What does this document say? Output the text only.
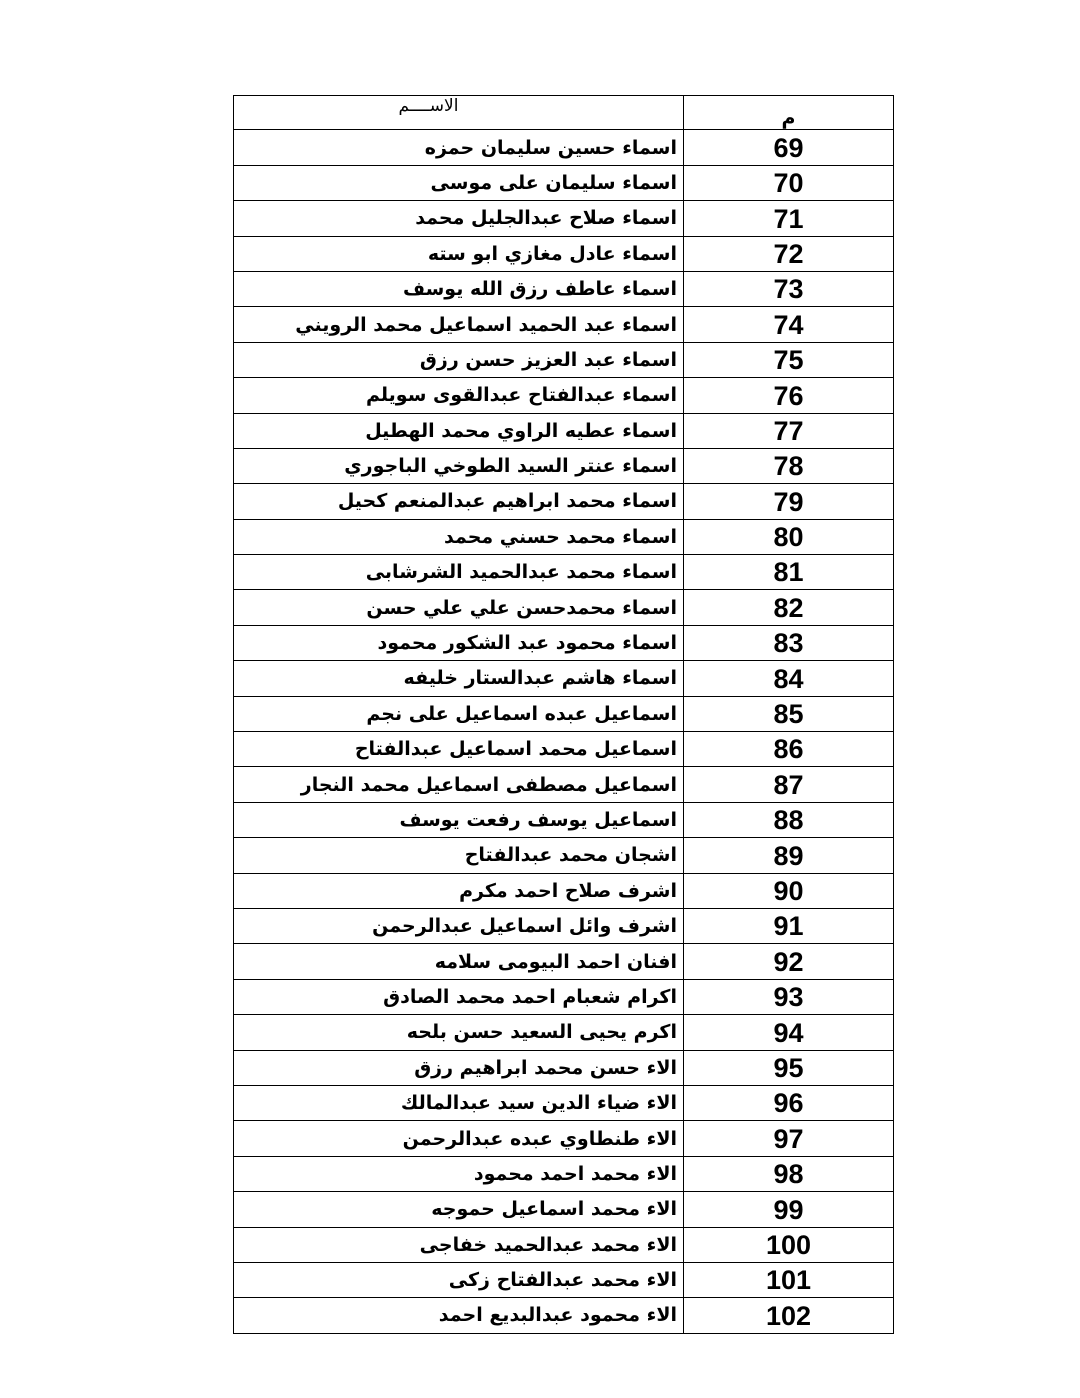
الاســــم	م
اسماء حسين سليمان حمزه	69
اسماء سليمان على موسى	70
اسماء صلاح عبدالجليل محمد	71
اسماء عادل مغازي ابو سته	72
اسماء عاطف رزق الله يوسف	73
اسماء عبد الحميد اسماعيل محمد الرويني	74
اسماء عبد العزيز حسن رزق	75
اسماء عبدالفتاح عبدالقوى سويلم	76
اسماء عطيه الراوي محمد الهطيل	77
اسماء عنتر السيد الطوخي الباجوري	78
اسماء محمد ابراهيم عبدالمنعم كحيل	79
اسماء محمد حسني محمد	80
اسماء محمد عبدالحميد الشرشابى	81
اسماء محمدحسن علي علي حسن	82
اسماء محمود عبد الشكور محمود	83
اسماء هاشم عبدالستار خليفه	84
اسماعيل عبده اسماعيل على نجم	85
اسماعيل محمد اسماعيل عبدالفتاح	86
اسماعيل مصطفى اسماعيل محمد النجار	87
اسماعيل يوسف رفعت يوسف	88
اشجان محمد عبدالفتاح	89
اشرف صلاح احمد مكرم	90
اشرف وائل اسماعيل عبدالرحمن	91
افنان احمد البيومى سلامه	92
اكرام شعبام احمد محمد الصادق	93
اكرم يحيى السعيد حسن بلحه	94
الاء حسن محمد ابراهيم رزق	95
الاء ضياء الدين سيد عبدالمالك	96
الاء طنطاوي عبده عبدالرحمن	97
الاء محمد احمد محمود	98
الاء محمد اسماعيل حموجه	99
الاء محمد عبدالحميد خفاجى	100
الاء محمد عبدالفتاح زكى	101
الاء محمود عبدالبديع احمد	102
